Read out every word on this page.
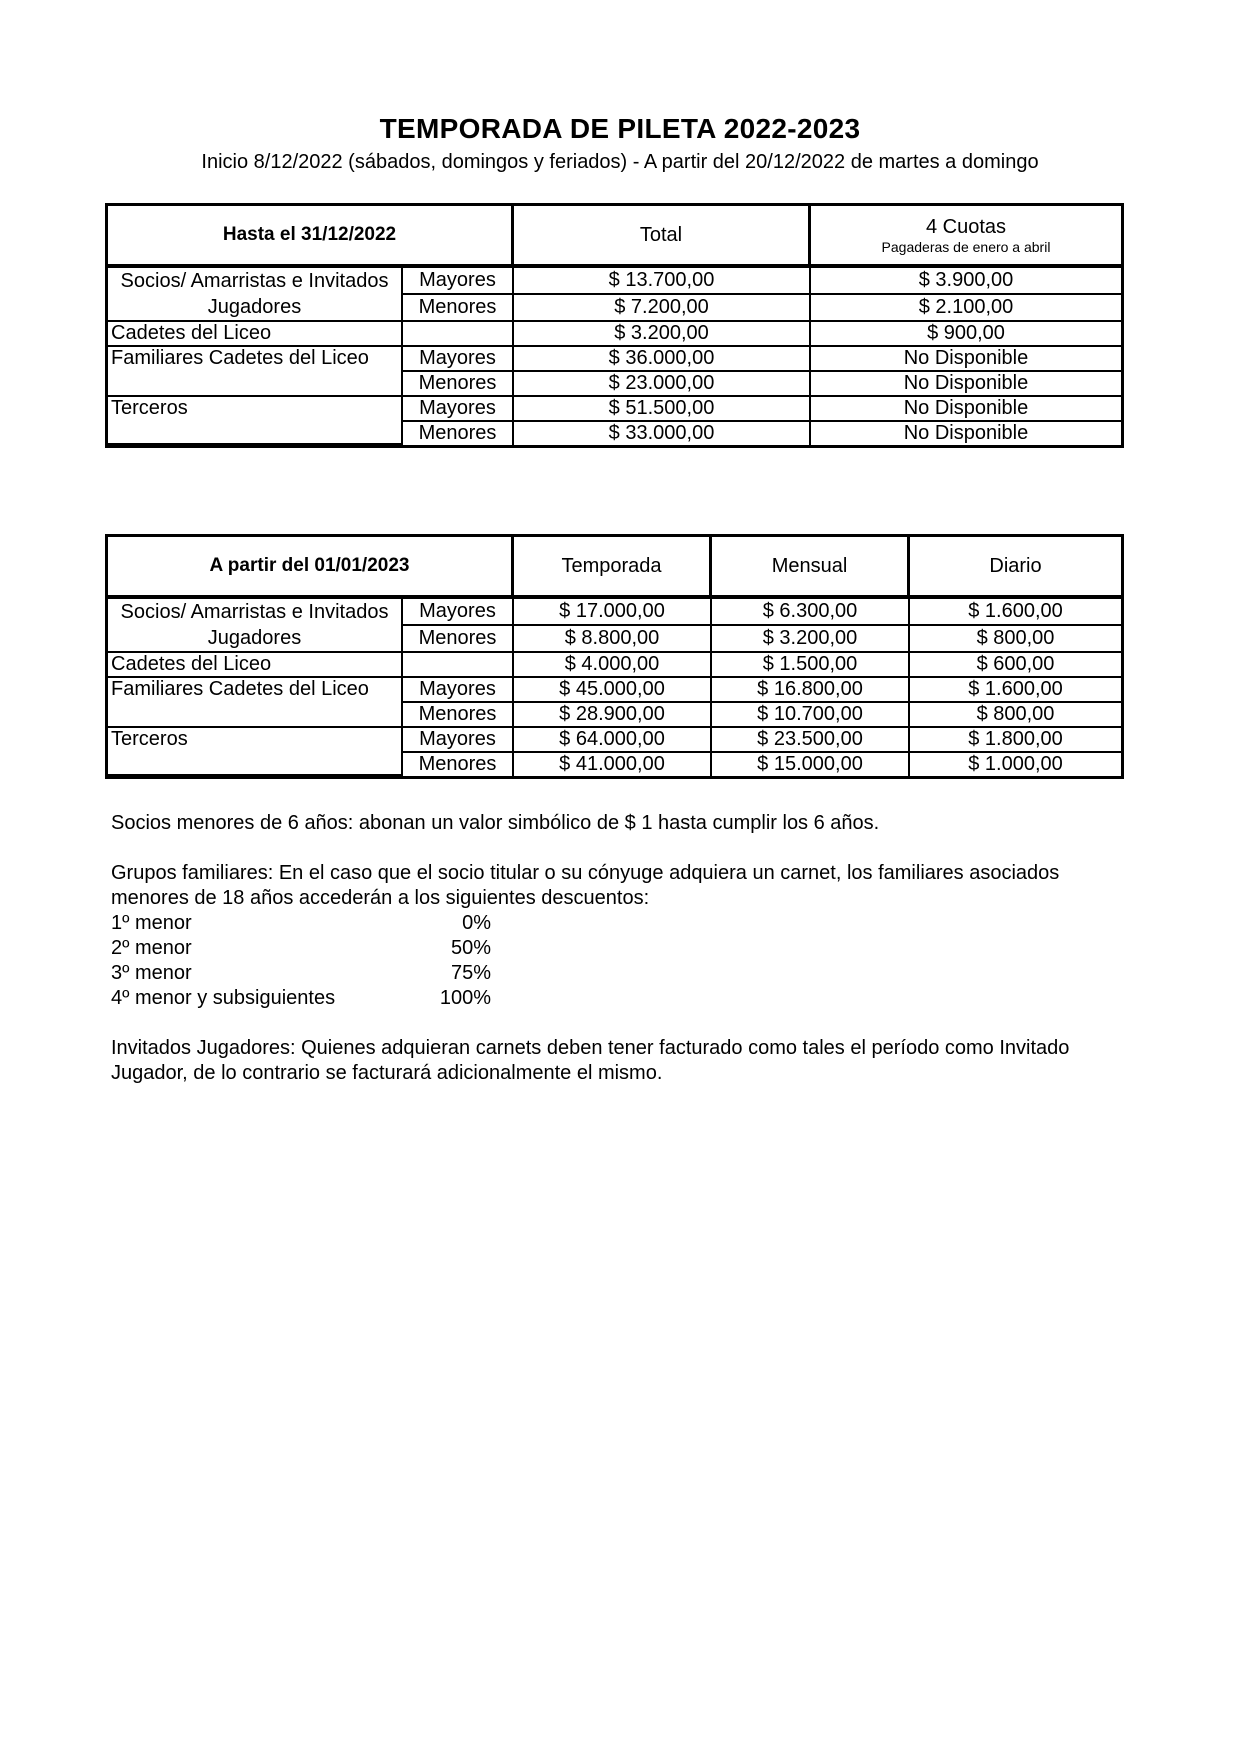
TEMPORADA DE PILETA 2022-2023
Inicio 8/12/2022 (sábados, domingos y feriados) - A partir del 20/12/2022 de martes a domingo
Hasta el 31/12/2022		Total	4 Cuotas
Pagaderas de enero a abril

Socios/ Amarristas e Invitados
Jugadores	Mayores	$ 13.700,00	$ 3.900,00
	Menores	$ 7.200,00	$ 2.100,00
Cadetes del Liceo		$ 3.200,00	$ 900,00
Familiares Cadetes del Liceo	Mayores	$ 36.000,00	No Disponible
	Menores	$ 23.000,00	No Disponible
Terceros	Mayores	$ 51.500,00	No Disponible
	Menores	$ 33.000,00	No Disponible
A partir del 01/01/2023		Temporada	Mensual	Diario
Socios/ Amarristas e Invitados
Jugadores	Mayores	$ 17.000,00	$ 6.300,00	$ 1.600,00
	Menores	$ 8.800,00	$ 3.200,00	$ 800,00
Cadetes del Liceo		$ 4.000,00	$ 1.500,00	$ 600,00
Familiares Cadetes del Liceo	Mayores	$ 45.000,00	$ 16.800,00	$ 1.600,00
	Menores	$ 28.900,00	$ 10.700,00	$ 800,00
Terceros	Mayores	$ 64.000,00	$ 23.500,00	$ 1.800,00
	Menores	$ 41.000,00	$ 15.000,00	$ 1.000,00

Socios menores de 6 años: abonan un valor simbólico de $ 1 hasta cumplir los 6 años.

Grupos familiares: En el caso que el socio titular o su cónyuge adquiera un carnet, los familiares asociados

menores de 18 años accederán a los siguientes descuentos:

1º menor	0%
2º menor	50%
3º menor	75%
4º menor y subsiguientes	100%

Invitados Jugadores: Quienes adquieran carnets deben tener facturado como tales el período como Invitado

Jugador, de lo contrario se facturará adicionalmente el mismo.
